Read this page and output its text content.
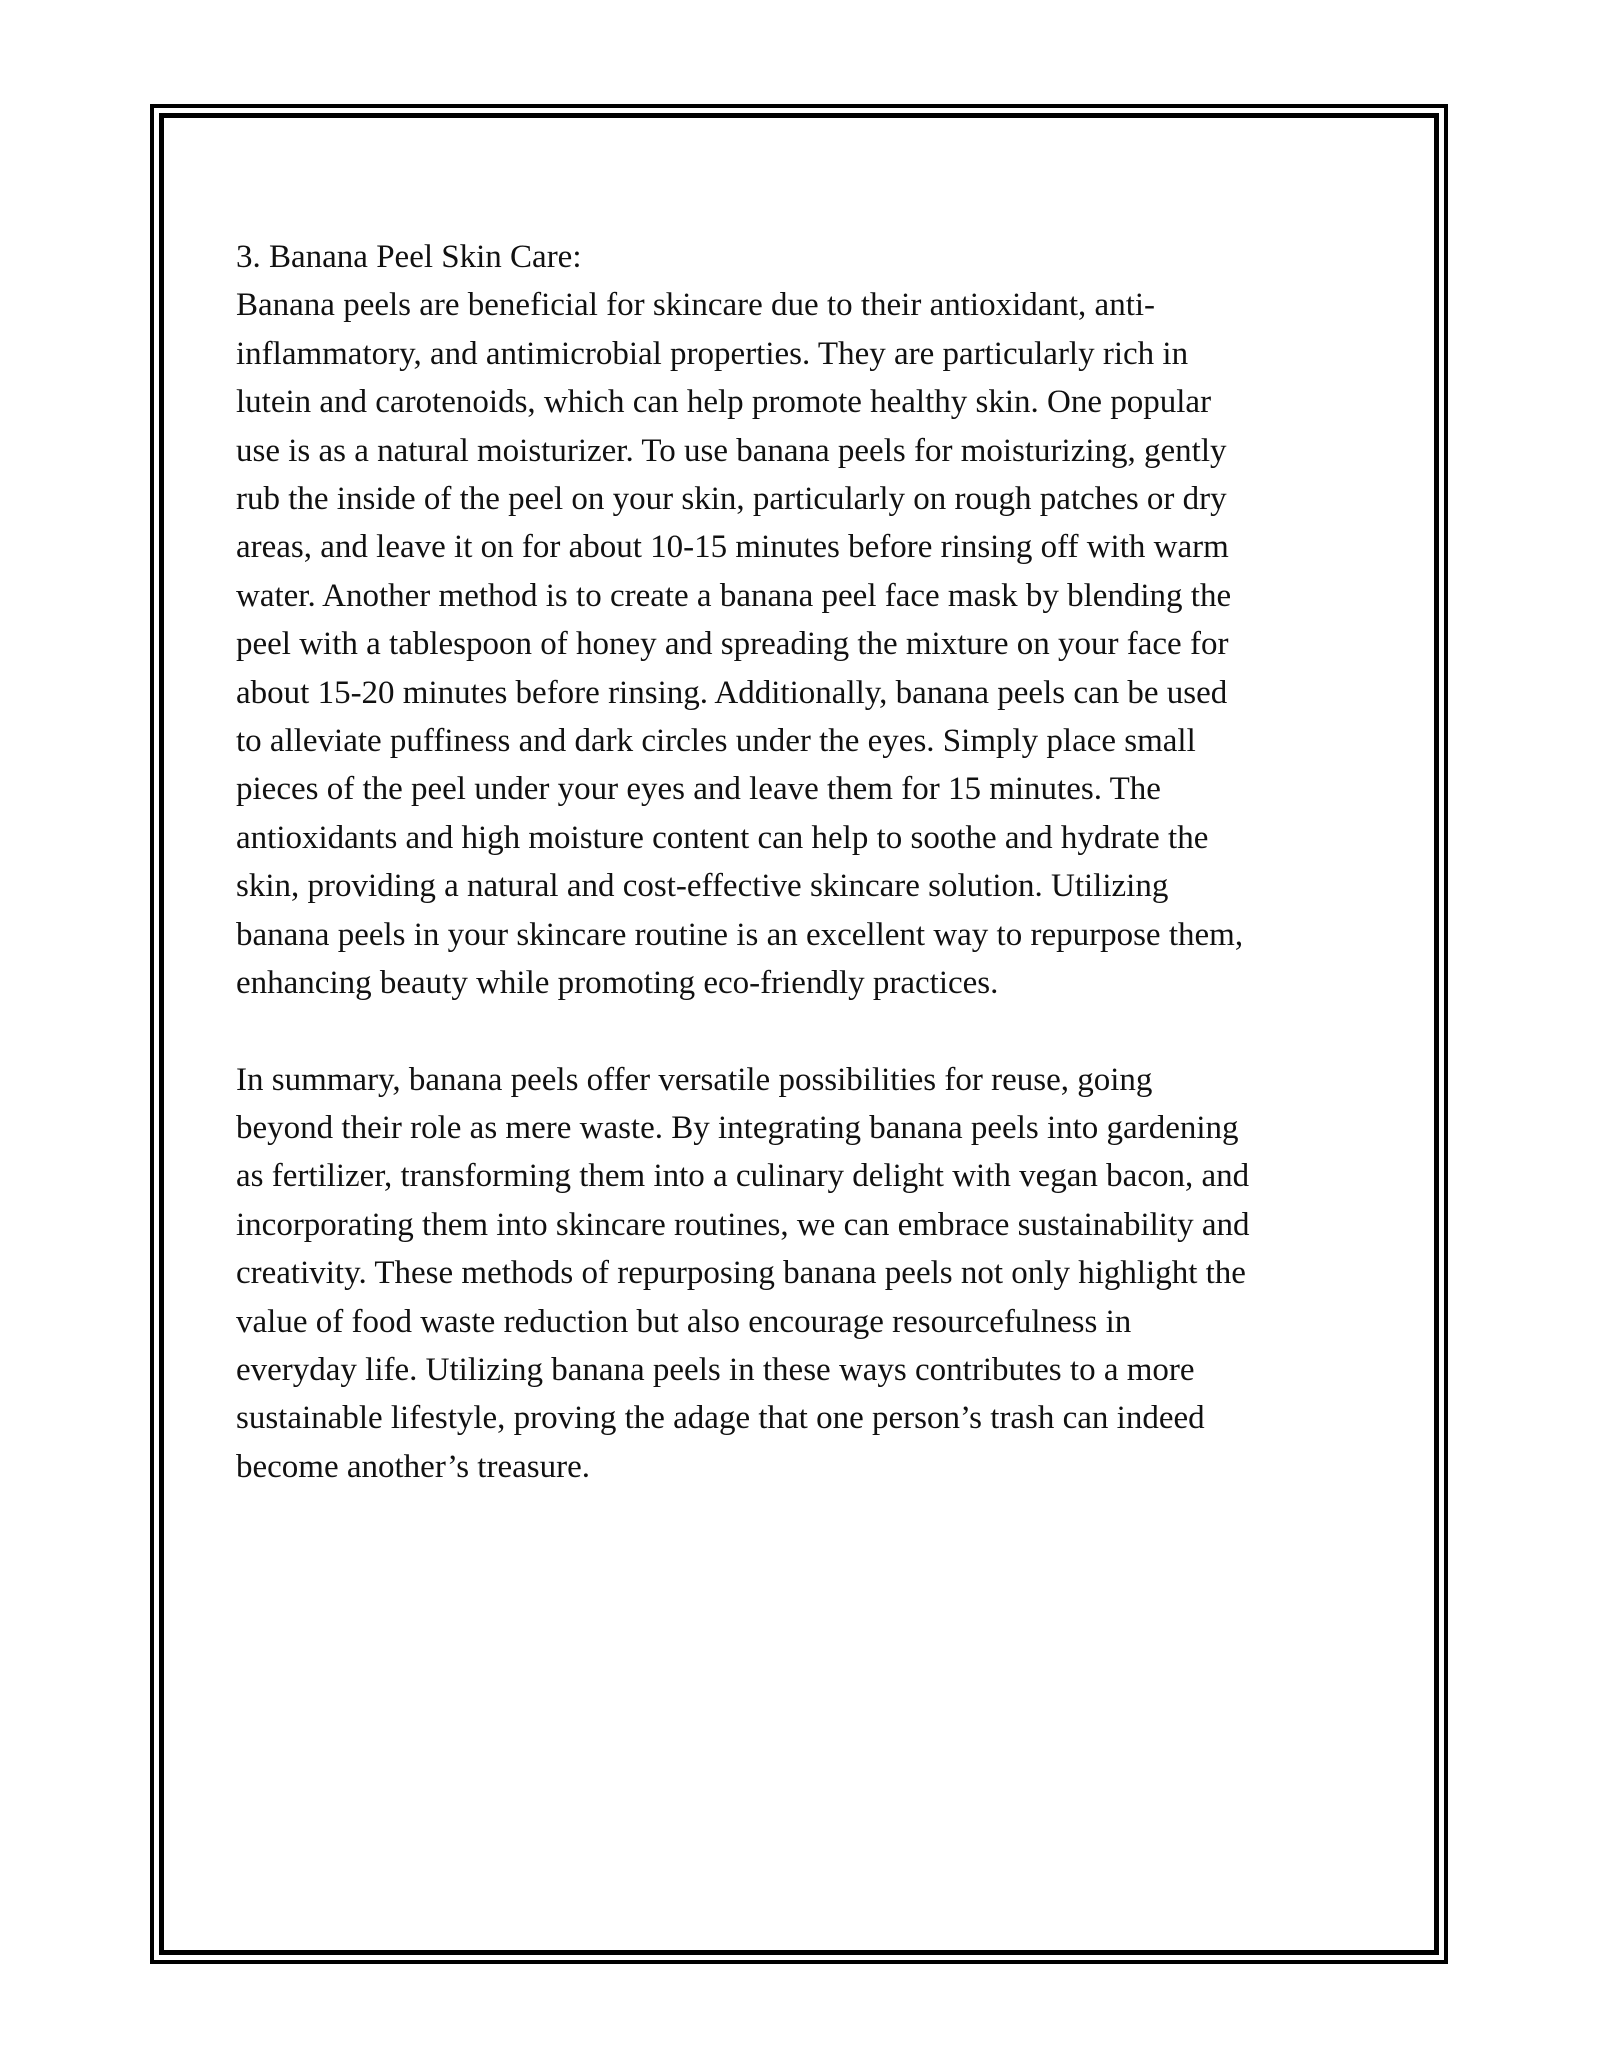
3. Banana Peel Skin Care:

Banana peels are beneficial for skincare due to their antioxidant, anti-
inflammatory, and antimicrobial properties. They are particularly rich in
lutein and carotenoids, which can help promote healthy skin. One popular
use is as a natural moisturizer. To use banana peels for moisturizing, gently
rub the inside of the peel on your skin, particularly on rough patches or dry
areas, and leave it on for about 10-15 minutes before rinsing off with warm
water. Another method is to create a banana peel face mask by blending the
peel with a tablespoon of honey and spreading the mixture on your face for
about 15-20 minutes before rinsing. Additionally, banana peels can be used
to alleviate puffiness and dark circles under the eyes. Simply place small
pieces of the peel under your eyes and leave them for 15 minutes. The
antioxidants and high moisture content can help to soothe and hydrate the
skin, providing a natural and cost-effective skincare solution. Utilizing
banana peels in your skincare routine is an excellent way to repurpose them,
enhancing beauty while promoting eco-friendly practices.

In summary, banana peels offer versatile possibilities for reuse, going
beyond their role as mere waste. By integrating banana peels into gardening
as fertilizer, transforming them into a culinary delight with vegan bacon, and
incorporating them into skincare routines, we can embrace sustainability and
creativity. These methods of repurposing banana peels not only highlight the
value of food waste reduction but also encourage resourcefulness in
everyday life. Utilizing banana peels in these ways contributes to a more
sustainable lifestyle, proving the adage that one person’s trash can indeed
become another’s treasure.
